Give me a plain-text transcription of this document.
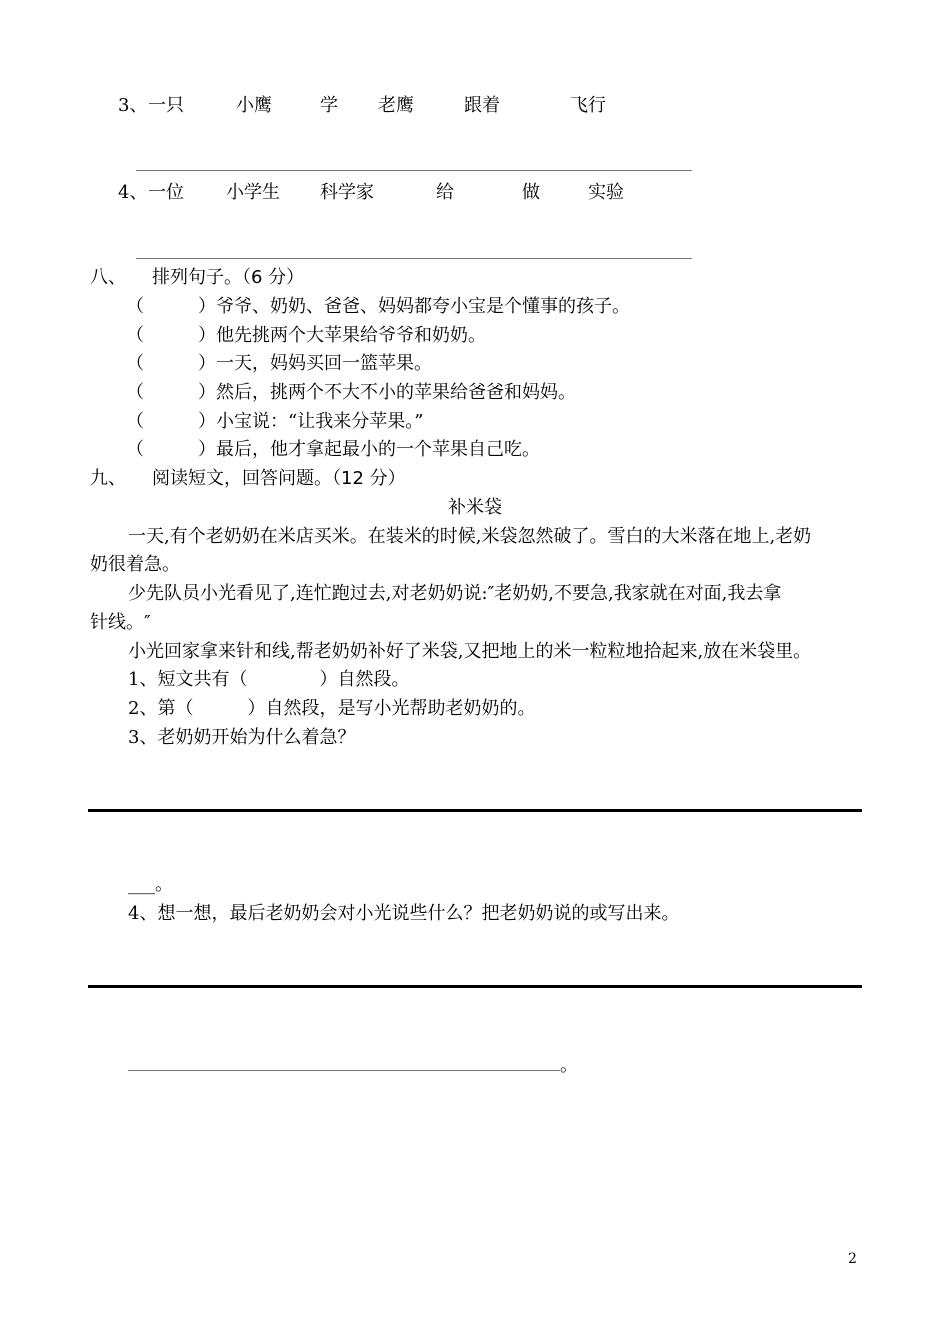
3、 一只	小鹰	学 老鹰	跟着	飞行
4、 一位 小学生 科学家	给	做	实验
八、 排列句子。（6 分）
（　　　）爷爷、奶奶、爸爸、妈妈都夸小宝是个懂事的孩子。
（　　　）他先挑两个大苹果给爷爷和奶奶。
（　　　）一天，妈妈买回一篮苹果。
（　　　）然后，挑两个不大不小的苹果给爸爸和妈妈。
（　　　）小宝说：“让我来分苹果。”
（　　　）最后，他才拿起最小的一个苹果自己吃。
九、 阅读短文，回答问题。（12 分）
补米袋
一天,有个老奶奶在米店买米。在装米的时候,米袋忽然破了。雪白的大米落在地上,老奶
奶很着急。
少先队员小光看见了,连忙跑过去,对老奶奶说:″老奶奶,不要急,我家就在对面,我去拿
针线。″
小光回家拿来针和线,帮老奶奶补好了米袋,又把地上的米一粒粒地拾起来,放在米袋里。
1、短文共有（　　　　）自然段。
2、第（　　　）自然段，是写小光帮助老奶奶的。
3、老奶奶开始为什么着急？
___。
4、想一想，最后老奶奶会对小光说些什么？把老奶奶说的或写出来。
。
2
